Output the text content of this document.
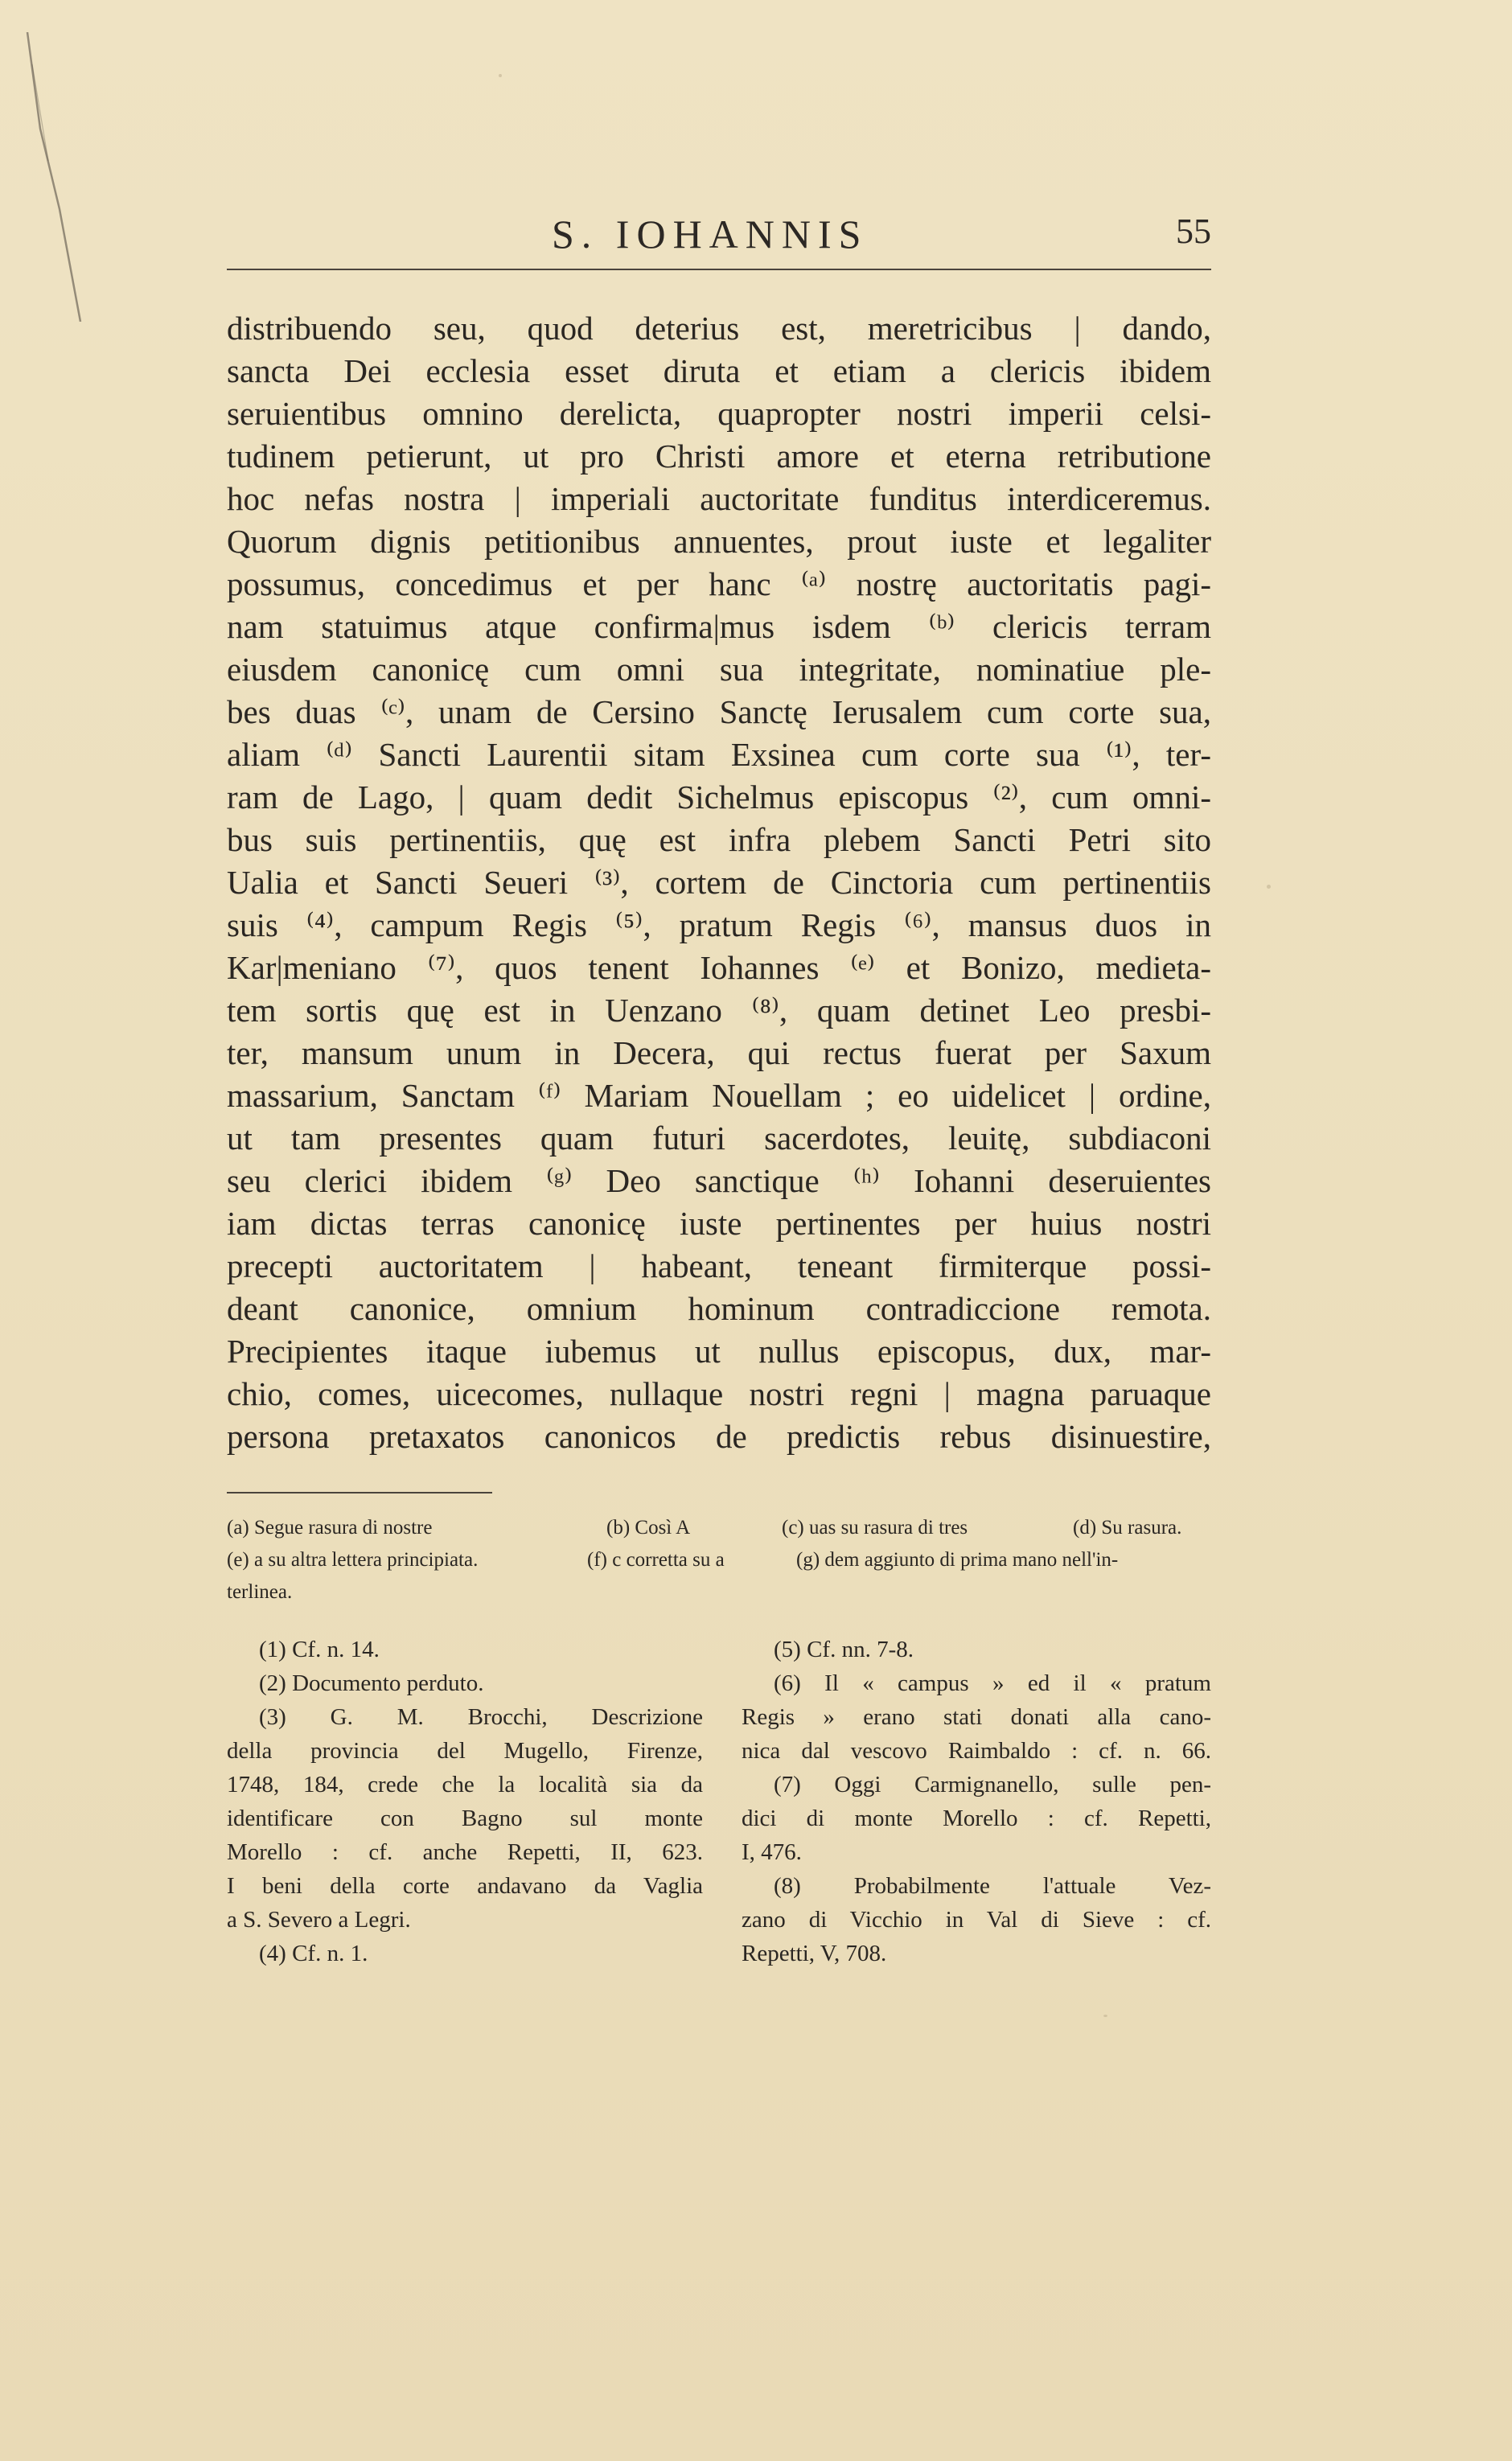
S. IOHANNIS	55
distribuendo seu, quod deterius est, meretricibus | dando,
sancta Dei ecclesia esset diruta et etiam a clericis ibidem
seruientibus omnino derelicta, quapropter nostri imperii celsi-
tudinem petierunt, ut pro Christi amore et eterna retributione
hoc nefas nostra | imperiali auctoritate funditus interdiceremus.
Quorum dignis petitionibus annuentes, prout iuste et legaliter
possumus, concedimus et per hanc ⁽ᵃ⁾ nostrę auctoritatis pagi-
nam statuimus atque confirma|mus isdem ⁽ᵇ⁾ clericis terram
eiusdem canonicę cum omni sua integritate, nominatiue ple-
bes duas ⁽ᶜ⁾, unam de Cersino Sanctę Ierusalem cum corte sua,
aliam ⁽ᵈ⁾ Sancti Laurentii sitam Exsinea cum corte sua ⁽¹⁾, ter-
ram de Lago, | quam dedit Sichelmus episcopus ⁽²⁾, cum omni-
bus suis pertinentiis, quę est infra plebem Sancti Petri sito
Ualia et Sancti Seueri ⁽³⁾, cortem de Cinctoria cum pertinentiis
suis ⁽⁴⁾, campum Regis ⁽⁵⁾, pratum Regis ⁽⁶⁾, mansus duos in
Kar|meniano ⁽⁷⁾, quos tenent Iohannes ⁽ᵉ⁾ et Bonizo, medieta-
tem sortis quę est in Uenzano ⁽⁸⁾, quam detinet Leo presbi-
ter, mansum unum in Decera, qui rectus fuerat per Saxum
massarium, Sanctam ⁽ᶠ⁾ Mariam Nouellam ; eo uidelicet | ordine,
ut tam presentes quam futuri sacerdotes, leuitę, subdiaconi
seu clerici ibidem ⁽ᵍ⁾ Deo sanctique ⁽ʰ⁾ Iohanni deseruientes
iam dictas terras canonicę iuste pertinentes per huius nostri
precepti auctoritatem | habeant, teneant firmiterque possi-
deant canonice, omnium hominum contradiccione remota.
Precipientes itaque iubemus ut nullus episcopus, dux, mar-
chio, comes, uicecomes, nullaque nostri regni | magna paruaque
persona pretaxatos canonicos de predictis rebus disinuestire,
(a) Segue rasura di nostre	(b) Così A	(c) uas su rasura di tres	(d) Su rasura.
(e) a su altra lettera principiata.	(f) c corretta su a	(g) dem aggiunto di prima mano nell'in-
terlinea.
(1) Cf. n. 14.
(2) Documento perduto.
(3) G. M. Brocchi, Descrizione
della provincia del Mugello, Firenze,
1748, 184, crede che la località sia da
identificare con Bagno sul monte
Morello : cf. anche Repetti, II, 623.
I beni della corte andavano da Vaglia
a S. Severo a Legri.
(4) Cf. n. 1.
(5) Cf. nn. 7-8.
(6) Il « campus » ed il « pratum
Regis » erano stati donati alla cano-
nica dal vescovo Raimbaldo : cf. n. 66.
(7) Oggi Carmignanello, sulle pen-
dici di monte Morello : cf. Repetti,
I, 476.
(8) Probabilmente l'attuale Vez-
zano di Vicchio in Val di Sieve : cf.
Repetti, V, 708.
